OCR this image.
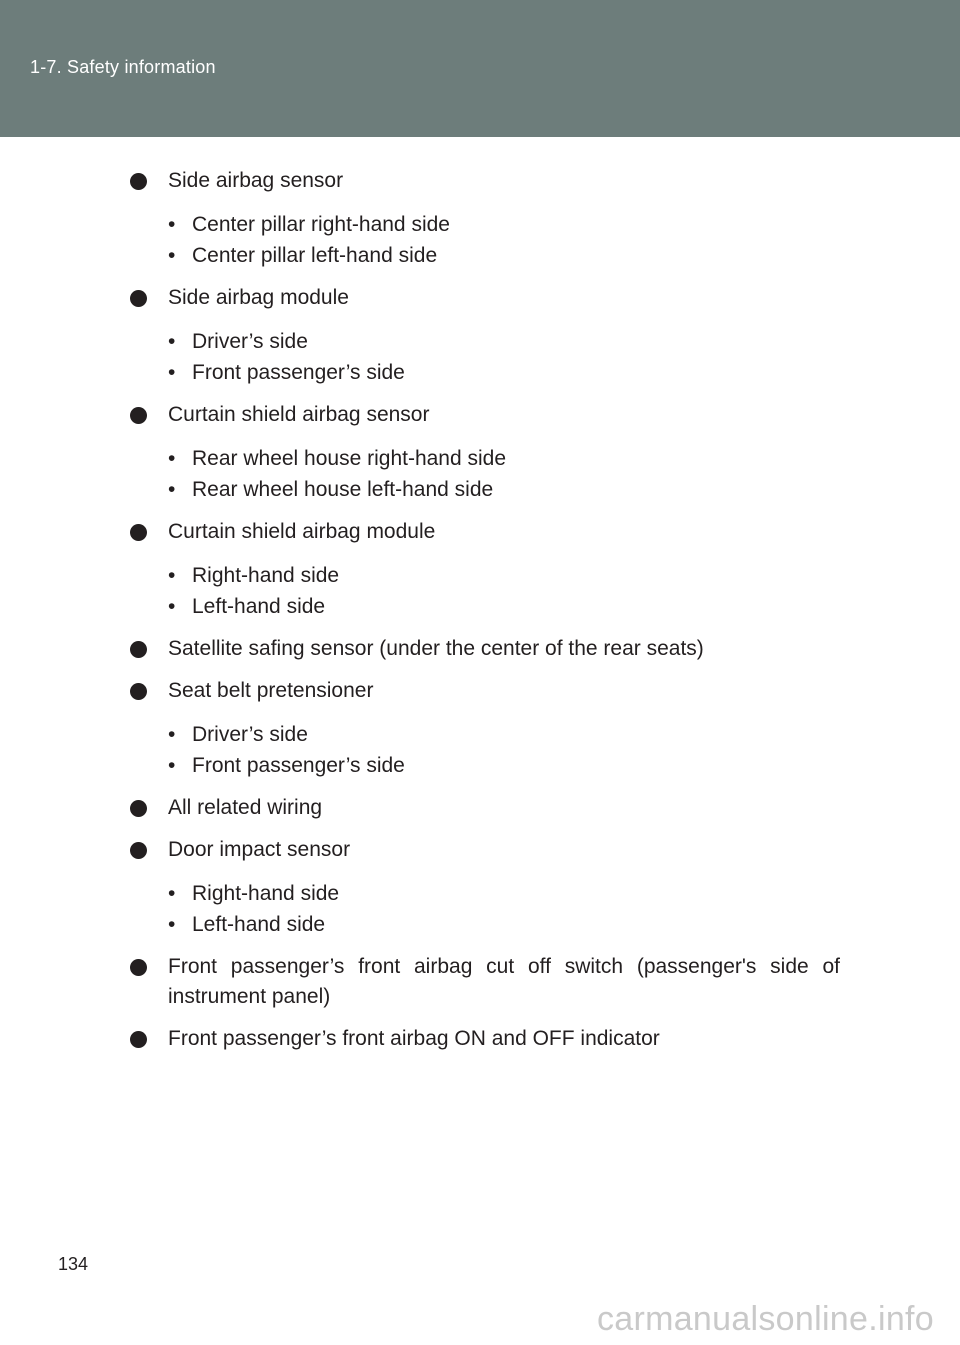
1-7. Safety information
Side airbag sensor
• Center pillar right-hand side
• Center pillar left-hand side
Side airbag module
• Driver’s side
• Front passenger’s side
Curtain shield airbag sensor
• Rear wheel house right-hand side
• Rear wheel house left-hand side
Curtain shield airbag module
• Right-hand side
• Left-hand side
Satellite safing sensor (under the center of the rear seats)
Seat belt pretensioner
• Driver’s side
• Front passenger’s side
All related wiring
Door impact sensor
• Right-hand side
• Left-hand side
Front passenger’s front airbag cut off switch (passenger's side of instrument panel)
Front passenger’s front airbag ON and OFF indicator
134
carmanualsonline.info
